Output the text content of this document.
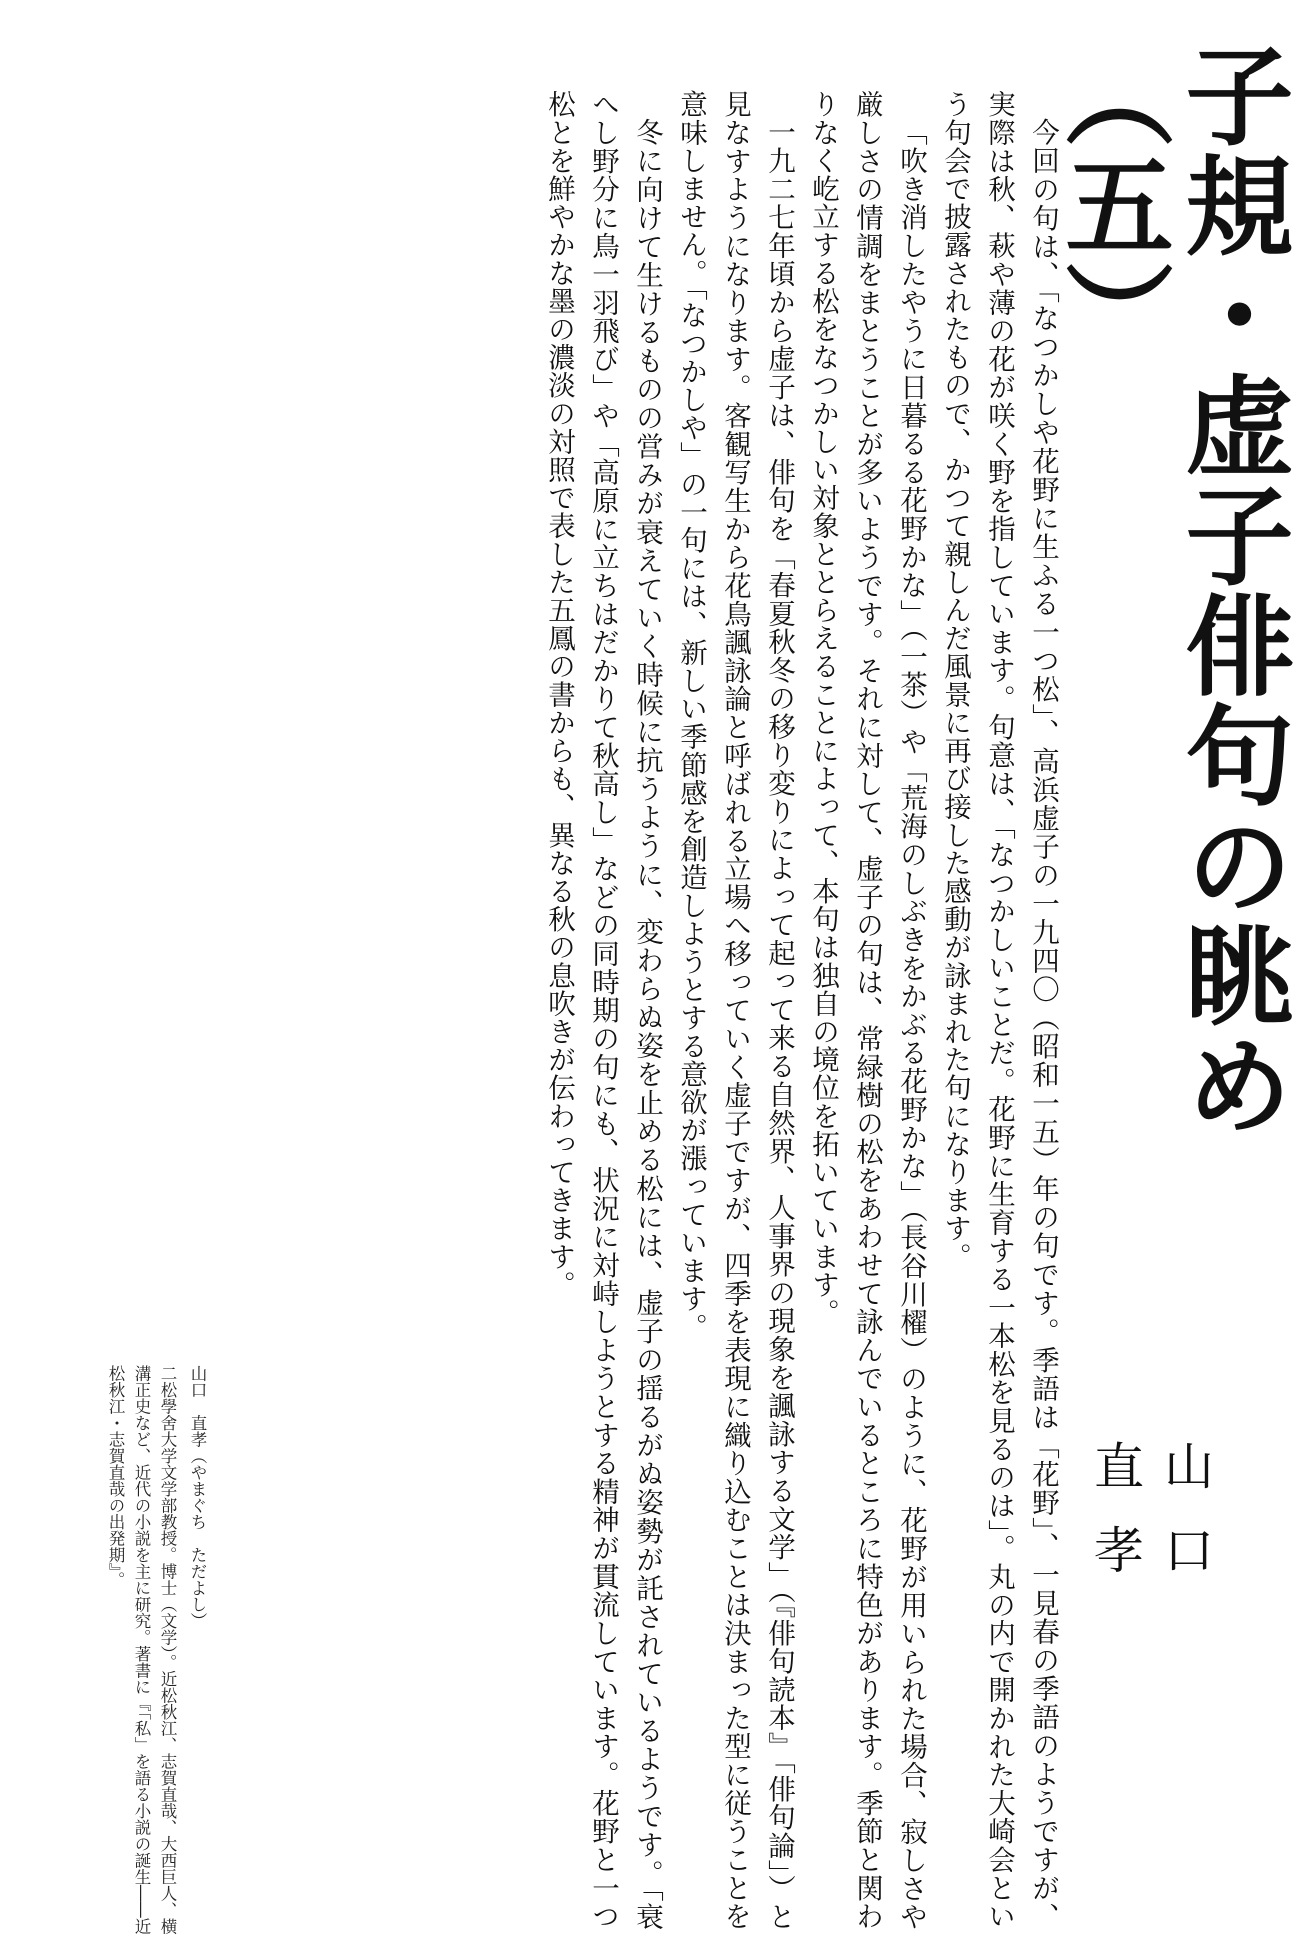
子規・虚子俳句の眺め（五）
山口　直孝

今回の句は、「なつかしや花野に生ふる一つ松」、高浜虚子の一九四〇（昭和一五）年の句です。季語は「花野」、一見春の季語のようですが、実際は秋、萩や薄の花が咲く野を指しています。句意は、「なつかしいことだ。花野に生育する一本松を見るのは」。丸の内で開かれた大崎会という句会で披露されたもので、かつて親しんだ風景に再び接した感動が詠まれた句になります。

「吹き消したやうに日暮るる花野かな」（一茶）や「荒海のしぶきをかぶる花野かな」（長谷川櫂）のように、花野が用いられた場合、寂しさや厳しさの情調をまとうことが多いようです。それに対して、虚子の句は、常緑樹の松をあわせて詠んでいるところに特色があります。季節と関わりなく屹立する松をなつかしい対象ととらえることによって、本句は独自の境位を拓いています。

一九二七年頃から虚子は、俳句を「春夏秋冬の移り変りによって起って来る自然界、人事界の現象を諷詠する文学」（『俳句読本』「俳句論」）と見なすようになります。客観写生から花鳥諷詠論と呼ばれる立場へ移っていく虚子ですが、四季を表現に織り込むことは決まった型に従うことを意味しません。「なつかしや」の一句には、新しい季節感を創造しようとする意欲が漲っています。

冬に向けて生けるものの営みが衰えていく時候に抗うように、変わらぬ姿を止める松には、虚子の揺るがぬ姿勢が託されているようです。「衰へし野分に鳥一羽飛び」や「高原に立ちはだかりて秋高し」などの同時期の句にも、状況に対峙しようとする精神が貫流しています。花野と一つ松とを鮮やかな墨の濃淡の対照で表した五鳳の書からも、異なる秋の息吹きが伝わってきます。

山口　直孝（やまぐち　ただよし）
二松學舍大学文学部教授。博士（文学）。近松秋江、志賀直哉、大西巨人、横溝正史など、近代の小説を主に研究。著書に『「私」を語る小説の誕生――近松秋江・志賀直哉の出発期』。
